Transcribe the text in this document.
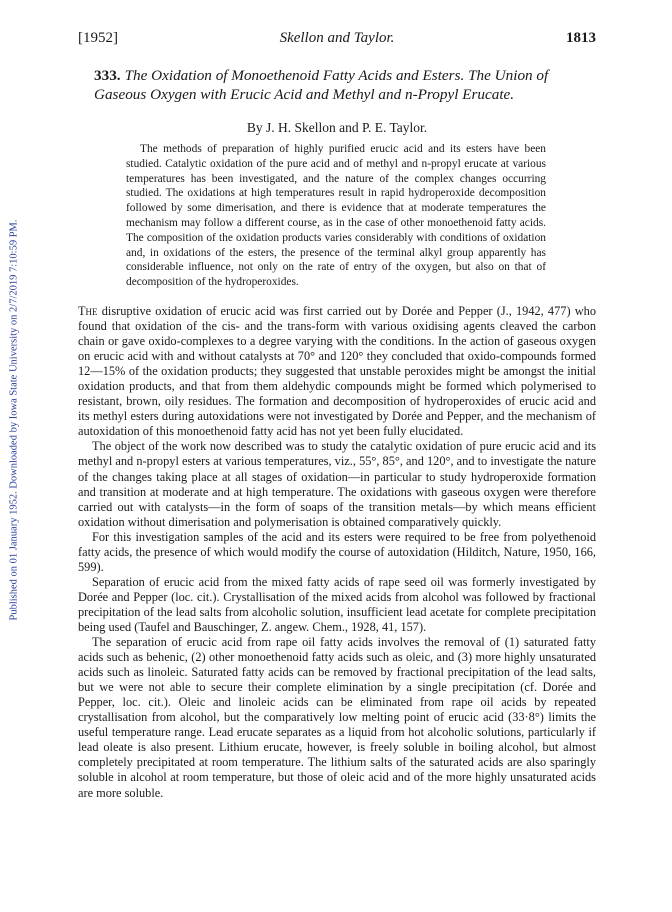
[1952]	Skellon and Taylor.	1813
Published on 01 January 1952. Downloaded by Iowa State University on 2/7/2019 7:10:59 PM.
333. The Oxidation of Monoethenoid Fatty Acids and Esters. The Union of Gaseous Oxygen with Erucic Acid and Methyl and n-Propyl Erucate.
By J. H. Skellon and P. E. Taylor.

The methods of preparation of highly purified erucic acid and its esters have been studied. Catalytic oxidation of the pure acid and of methyl and n-propyl erucate at various temperatures has been investigated, and the nature of the complex changes occurring studied. The oxidations at high temperatures result in rapid hydroperoxide decomposition followed by some dimerisation, and there is evidence that at moderate temperatures the mechanism may follow a different course, as in the case of other monoethenoid fatty acids. The composition of the oxidation products varies considerably with conditions of oxidation and, in oxidations of the esters, the presence of the terminal alkyl group apparently has considerable influence, not only on the rate of entry of the oxygen, but also on that of decomposition of the hydroperoxides.

The disruptive oxidation of erucic acid was first carried out by Dorée and Pepper (J., 1942, 477) who found that oxidation of the cis- and the trans-form with various oxidising agents cleaved the carbon chain or gave oxido-complexes to a degree varying with the conditions. In the action of gaseous oxygen on erucic acid with and without catalysts at 70° and 120° they concluded that oxido-compounds formed 12—15% of the oxidation products; they suggested that unstable peroxides might be amongst the initial oxidation products, and that from them aldehydic compounds might be formed which polymerised to resistant, brown, oily residues. The formation and decomposition of hydroperoxides of erucic acid and its methyl esters during autoxidations were not investigated by Dorée and Pepper, and the mechanism of autoxidation of this monoethenoid fatty acid has not yet been fully elucidated.

The object of the work now described was to study the catalytic oxidation of pure erucic acid and its methyl and n-propyl esters at various temperatures, viz., 55°, 85°, and 120°, and to investigate the nature of the changes taking place at all stages of oxidation—in particular to study hydroperoxide formation and transition at moderate and at high temperature. The oxidations with gaseous oxygen were therefore carried out with catalysts—in the form of soaps of the transition metals—by which means efficient oxidation without dimerisation and polymerisation is obtained comparatively quickly.

For this investigation samples of the acid and its esters were required to be free from polyethenoid fatty acids, the presence of which would modify the course of autoxidation (Hilditch, Nature, 1950, 166, 599).

Separation of erucic acid from the mixed fatty acids of rape seed oil was formerly investigated by Dorée and Pepper (loc. cit.). Crystallisation of the mixed acids from alcohol was followed by fractional precipitation of the lead salts from alcoholic solution, insufficient lead acetate for complete precipitation being used (Taufel and Bauschinger, Z. angew. Chem., 1928, 41, 157).

The separation of erucic acid from rape oil fatty acids involves the removal of (1) saturated fatty acids such as behenic, (2) other monoethenoid fatty acids such as oleic, and (3) more highly unsaturated acids such as linoleic. Saturated fatty acids can be removed by fractional precipitation of the lead salts, but we were not able to secure their complete elimination by a single precipitation (cf. Dorée and Pepper, loc. cit.). Oleic and linoleic acids can be eliminated from rape oil acids by repeated crystallisation from alcohol, but the comparatively low melting point of erucic acid (33·8°) limits the useful temperature range. Lead erucate separates as a liquid from hot alcoholic solutions, particularly if lead oleate is also present. Lithium erucate, however, is freely soluble in boiling alcohol, but almost completely precipitated at room temperature. The lithium salts of the saturated acids are also sparingly soluble in alcohol at room temperature, but those of oleic acid and of the more highly unsaturated acids are more soluble.
